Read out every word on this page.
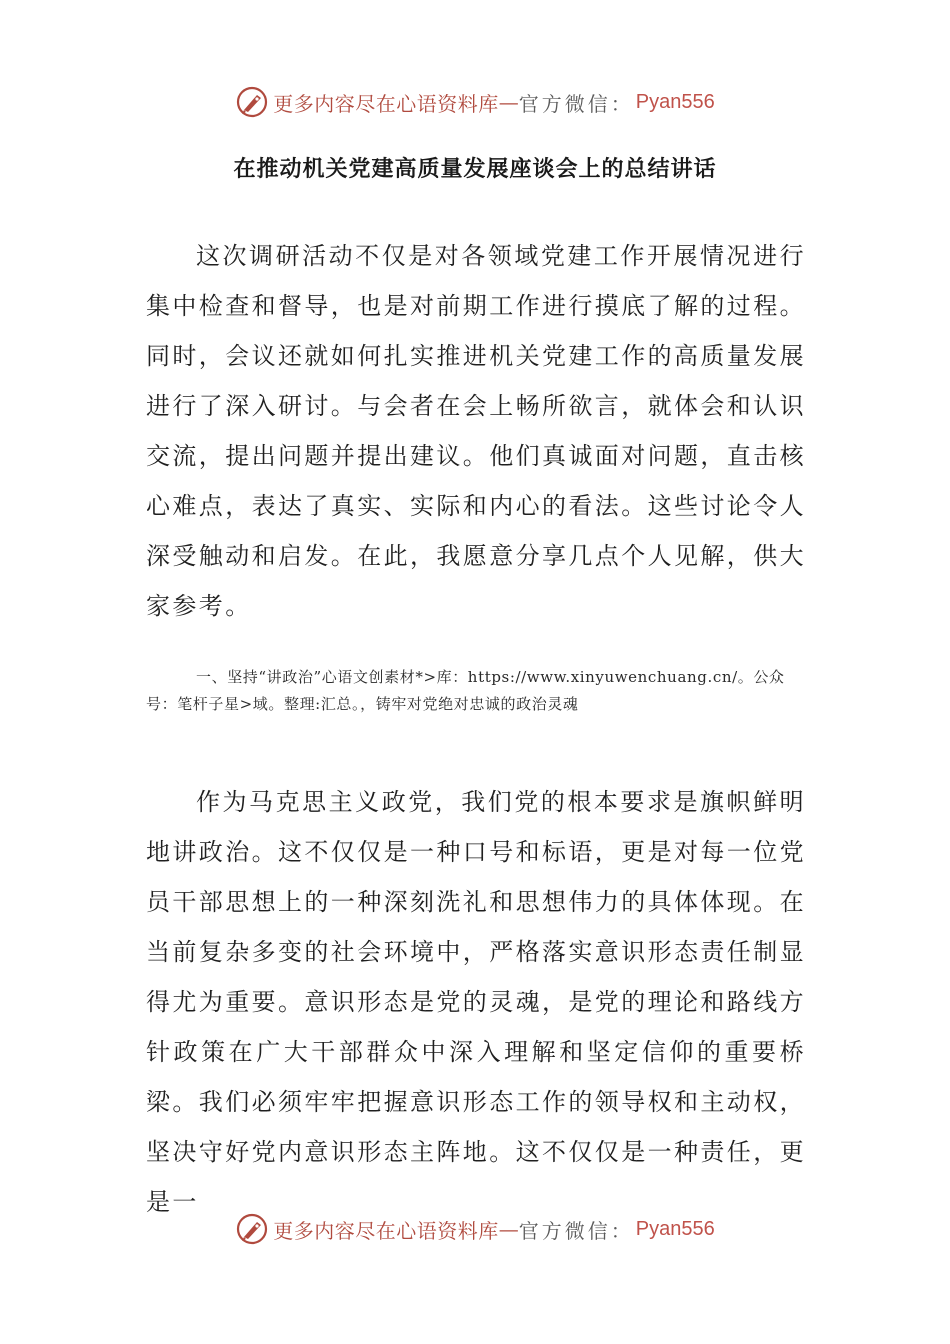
更多内容尽在心语资料库 — 官方微信： Pyan556
在推动机关党建高质量发展座谈会上的总结讲话

这次调研活动不仅是对各领域党建工作开展情况进行集中检查和督导，也是对前期工作进行摸底了解的过程。同时，会议还就如何扎实推进机关党建工作的高质量发展进行了深入研讨。与会者在会上畅所欲言，就体会和认识交流，提出问题并提出建议。他们真诚面对问题，直击核心难点，表达了真实、实际和内心的看法。这些讨论令人深受触动和启发。在此，我愿意分享几点个人见解，供大家参考。

一、坚持“讲政治”心语文创素材*>库：https://www.xinyuwenchuang.cn/。公众号：笔杆子星>域。整理:汇总。，铸牢对党绝对忠诚的政治灵魂

作为马克思主义政党，我们党的根本要求是旗帜鲜明地讲政治。这不仅仅是一种口号和标语，更是对每一位党员干部思想上的一种深刻洗礼和思想伟力的具体体现。在当前复杂多变的社会环境中，严格落实意识形态责任制显得尤为重要。意识形态是党的灵魂，是党的理论和路线方针政策在广大干部群众中深入理解和坚定信仰的重要桥梁。我们必须牢牢把握意识形态工作的领导权和主动权，坚决守好党内意识形态主阵地。这不仅仅是一种责任，更是一

更多内容尽在心语资料库 — 官方微信： Pyan556
